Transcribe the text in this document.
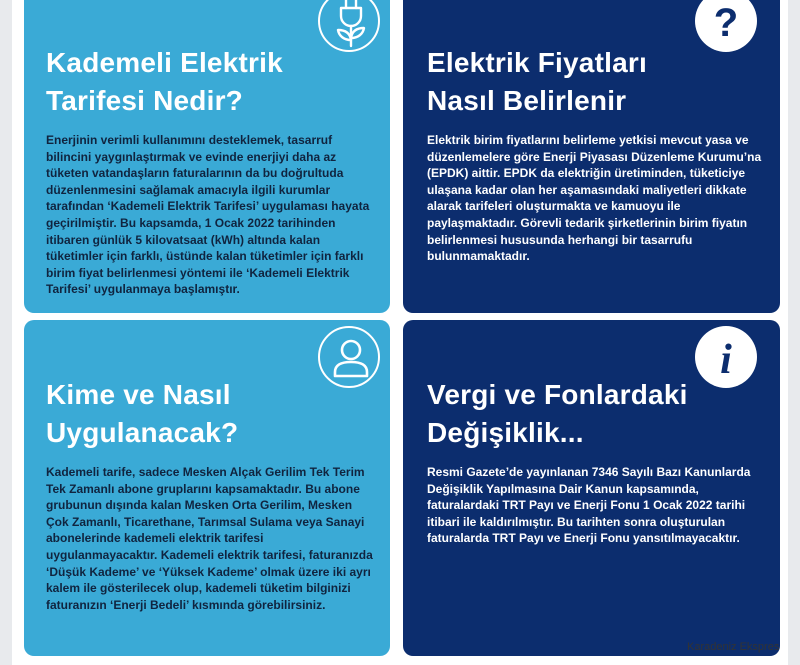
Kademeli Elektrik
Tarifesi Nedir?

Enerjinin verimli kullanımını desteklemek, tasarruf bilincini yaygınlaştırmak ve evinde enerjiyi daha az tüketen vatandaşların faturalarının da bu doğrultuda düzenlenmesini sağlamak amacıyla ilgili kurumlar tarafından ‘Kademeli Elektrik Tarifesi’ uygulaması hayata geçirilmiştir. Bu kapsamda, 1 Ocak 2022 tarihinden itibaren günlük 5 kilovatsaat (kWh) altında kalan tüketimler için farklı, üstünde kalan tüketimler için farklı birim fiyat belirlenmesi yöntemi ile ‘Kademeli Elektrik Tarifesi’ uygulanmaya başlamıştır.

?
Elektrik Fiyatları
Nasıl Belirlenir

Elektrik birim fiyatlarını belirleme yetkisi mevcut yasa ve düzenlemelere göre Enerji Piyasası Düzenleme Kurumu’na (EPDK) aittir. EPDK da elektriğin üretiminden, tüketiciye ulaşana kadar olan her aşamasındaki maliyetleri dikkate alarak tarifeleri oluşturmakta ve kamuoyu ile paylaşmaktadır. Görevli tedarik şirketlerinin birim fiyatın belirlenmesi hususunda herhangi bir tasarrufu bulunmamaktadır.

Kime ve Nasıl
Uygulanacak?

Kademeli tarife, sadece Mesken Alçak Gerilim Tek Terim Tek Zamanlı abone gruplarını kapsamaktadır. Bu abone grubunun dışında kalan Mesken Orta Gerilim, Mesken Çok Zamanlı, Ticarethane, Tarımsal Sulama veya Sanayi abonelerinde kademeli elektrik tarifesi uygulanmayacaktır. Kademeli elektrik tarifesi, faturanızda ‘Düşük Kademe’ ve ‘Yüksek Kademe’ olmak üzere iki ayrı kalem ile gösterilecek olup, kademeli tüketim bilginizi faturanızın ‘Enerji Bedeli’ kısmında görebilirsiniz.

i
Vergi ve Fonlardaki
Değişiklik...

Resmi Gazete’de yayınlanan 7346 Sayılı Bazı Kanunlarda Değişiklik Yapılmasına Dair Kanun kapsamında, faturalardaki TRT Payı ve Enerji Fonu 1 Ocak 2022 tarihi itibari ile kaldırılmıştır. Bu tarihten sonra oluşturulan faturalarda TRT Payı ve Enerji Fonu yansıtılmayacaktır.

Karadeniz Ekspres
